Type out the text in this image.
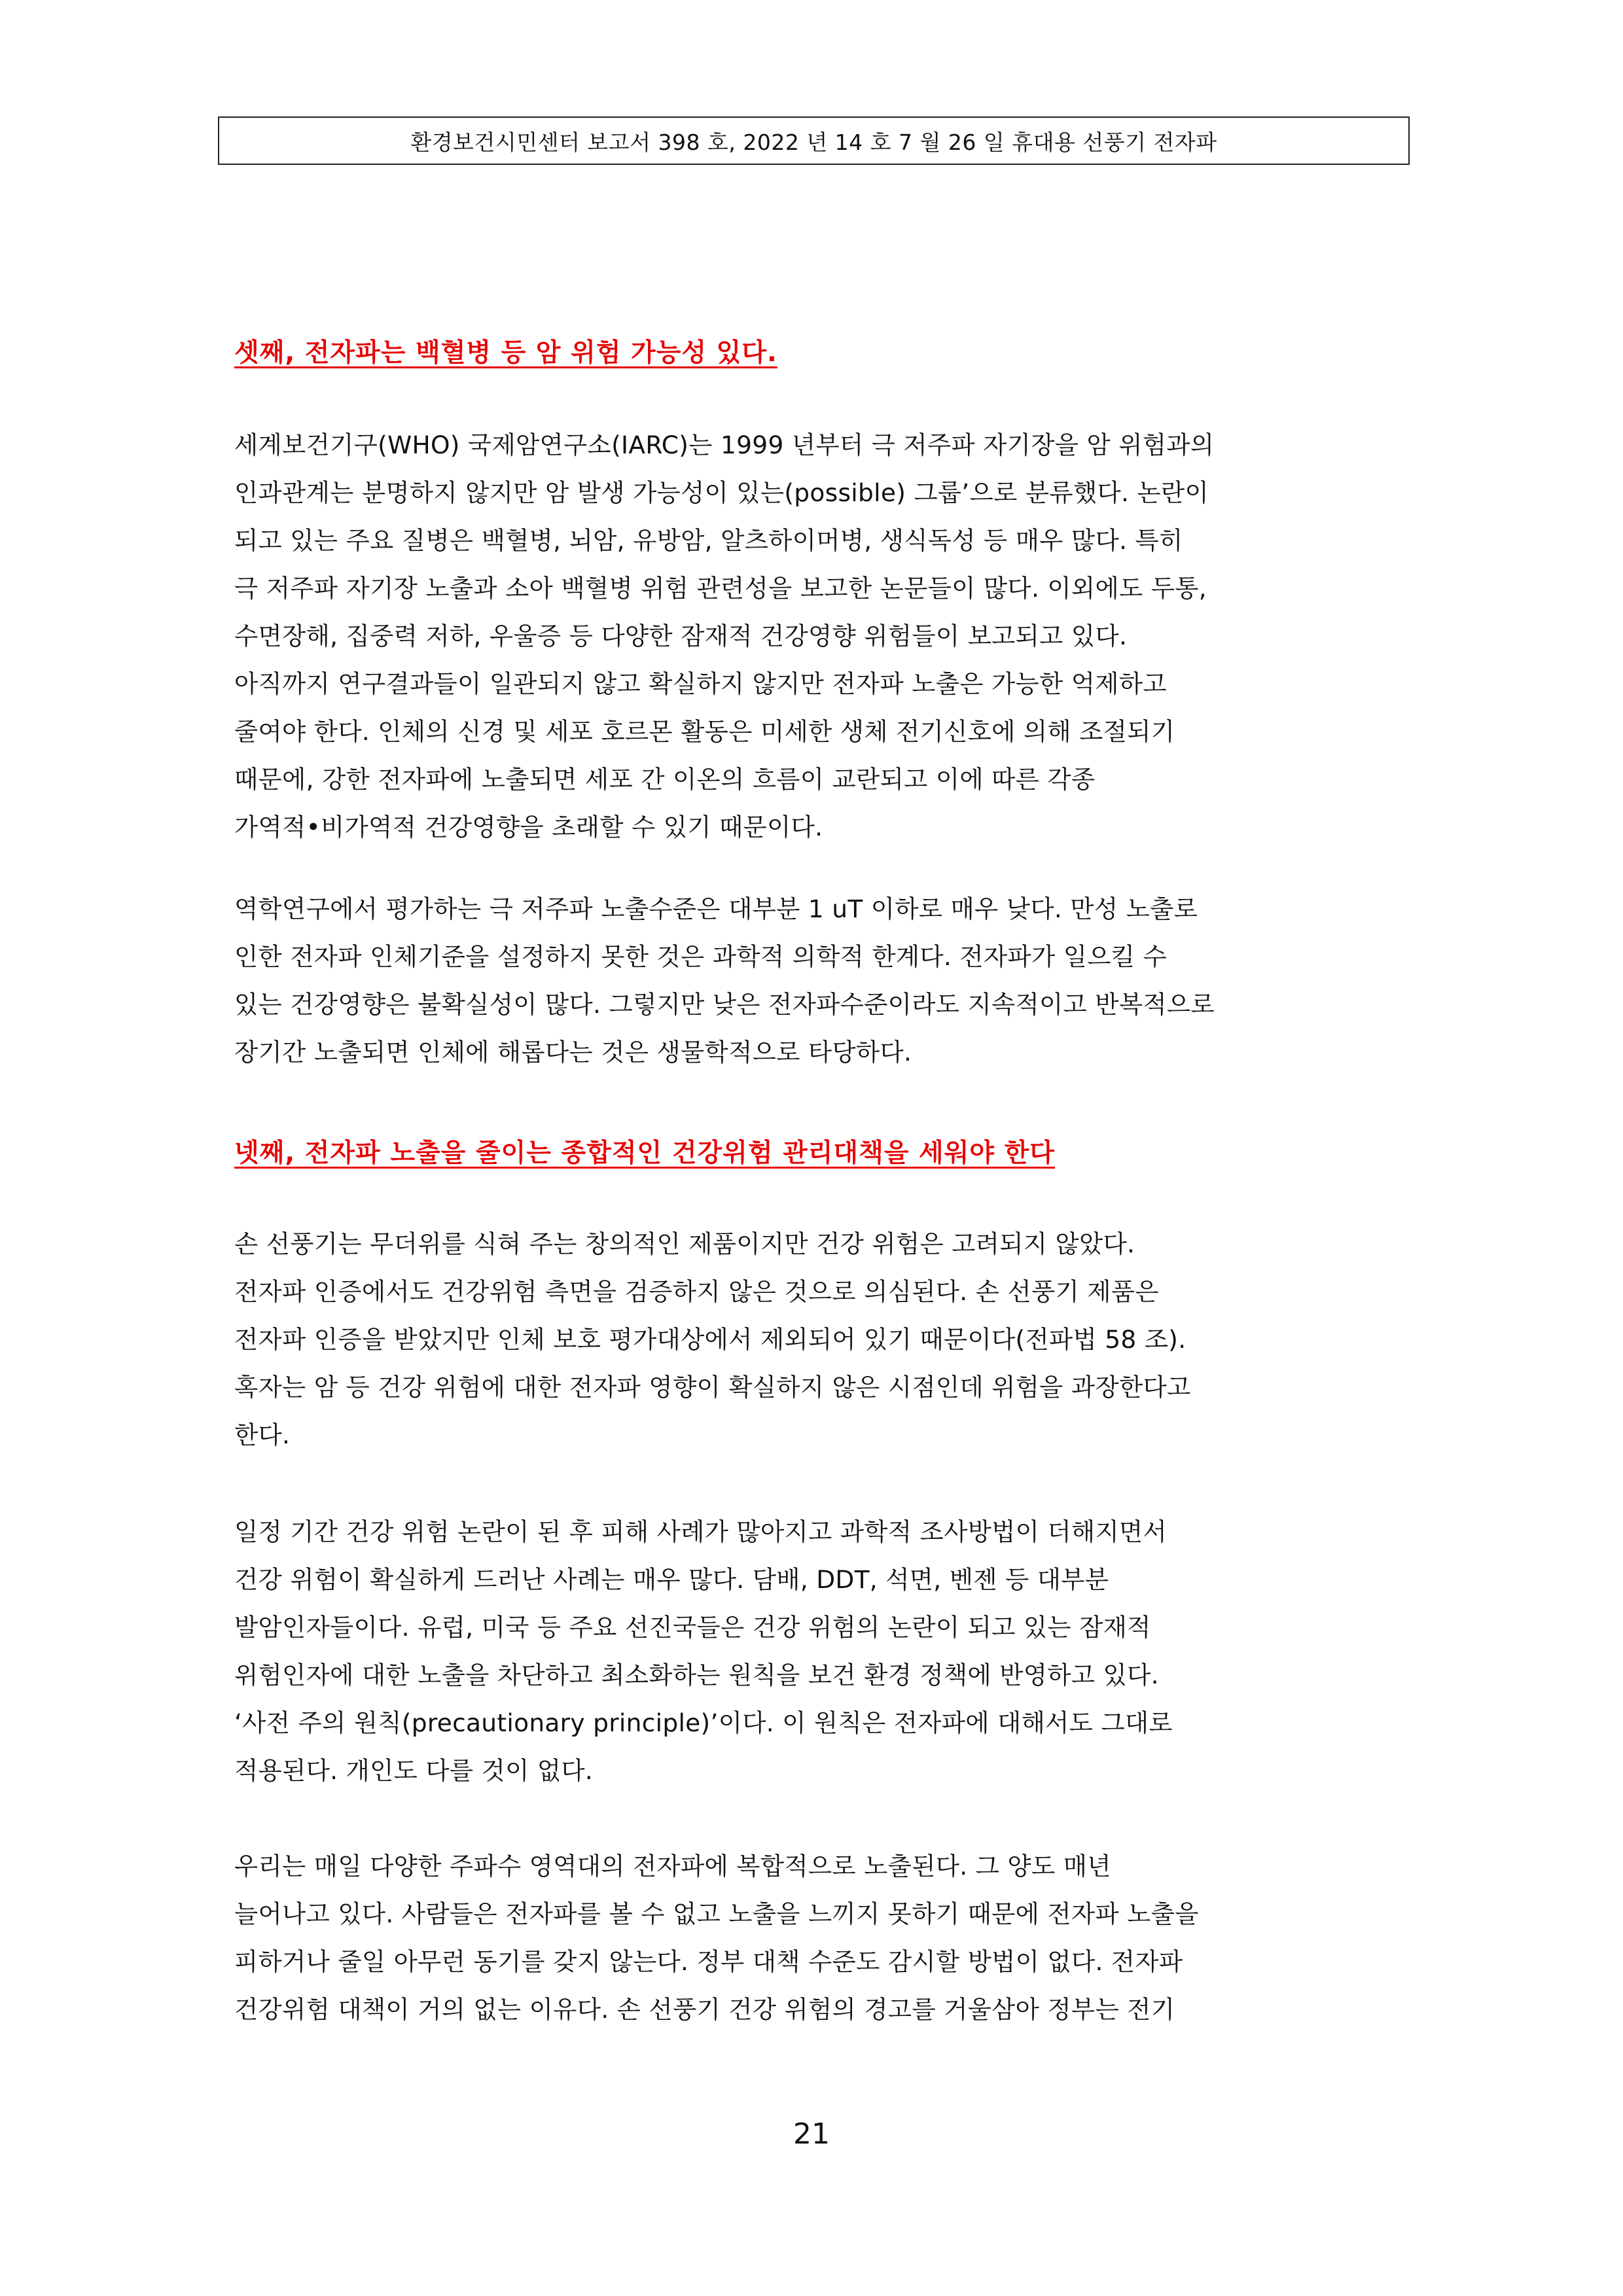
환경보건시민센터 보고서 398 호, 2022 년 14 호 7 월 26 일 휴대용 선풍기 전자파
셋째, 전자파는 백혈병 등 암 위험 가능성 있다.
세계보건기구(WHO) 국제암연구소(IARC)는 1999 년부터 극 저주파 자기장을 암 위험과의
인과관계는 분명하지 않지만 암 발생 가능성이 있는(possible) 그룹’으로 분류했다. 논란이
되고 있는 주요 질병은 백혈병, 뇌암, 유방암, 알츠하이머병, 생식독성 등 매우 많다. 특히
극 저주파 자기장 노출과 소아 백혈병 위험 관련성을 보고한 논문들이 많다. 이외에도 두통,
수면장해, 집중력 저하, 우울증 등 다양한 잠재적 건강영향 위험들이 보고되고 있다.
아직까지 연구결과들이 일관되지 않고 확실하지 않지만 전자파 노출은 가능한 억제하고
줄여야 한다. 인체의 신경 및 세포 호르몬 활동은 미세한 생체 전기신호에 의해 조절되기
때문에, 강한 전자파에 노출되면 세포 간 이온의 흐름이 교란되고 이에 따른 각종
가역적•비가역적 건강영향을 초래할 수 있기 때문이다.
역학연구에서 평가하는 극 저주파 노출수준은 대부분 1 uT 이하로 매우 낮다. 만성 노출로
인한 전자파 인체기준을 설정하지 못한 것은 과학적 의학적 한계다. 전자파가 일으킬 수
있는 건강영향은 불확실성이 많다. 그렇지만 낮은 전자파수준이라도 지속적이고 반복적으로
장기간 노출되면 인체에 해롭다는 것은 생물학적으로 타당하다.
넷째, 전자파 노출을 줄이는 종합적인 건강위험 관리대책을 세워야 한다
손 선풍기는 무더위를 식혀 주는 창의적인 제품이지만 건강 위험은 고려되지 않았다.
전자파 인증에서도 건강위험 측면을 검증하지 않은 것으로 의심된다. 손 선풍기 제품은
전자파 인증을 받았지만 인체 보호 평가대상에서 제외되어 있기 때문이다(전파법 58 조).
혹자는 암 등 건강 위험에 대한 전자파 영향이 확실하지 않은 시점인데 위험을 과장한다고
한다.
일정 기간 건강 위험 논란이 된 후 피해 사례가 많아지고 과학적 조사방법이 더해지면서
건강 위험이 확실하게 드러난 사례는 매우 많다. 담배, DDT, 석면, 벤젠 등 대부분
발암인자들이다. 유럽, 미국 등 주요 선진국들은 건강 위험의 논란이 되고 있는 잠재적
위험인자에 대한 노출을 차단하고 최소화하는 원칙을 보건 환경 정책에 반영하고 있다.
‘사전 주의 원칙(precautionary principle)’이다. 이 원칙은 전자파에 대해서도 그대로
적용된다. 개인도 다를 것이 없다.
우리는 매일 다양한 주파수 영역대의 전자파에 복합적으로 노출된다. 그 양도 매년
늘어나고 있다. 사람들은 전자파를 볼 수 없고 노출을 느끼지 못하기 때문에 전자파 노출을
피하거나 줄일 아무런 동기를 갖지 않는다. 정부 대책 수준도 감시할 방법이 없다. 전자파
건강위험 대책이 거의 없는 이유다. 손 선풍기 건강 위험의 경고를 거울삼아 정부는 전기
21
